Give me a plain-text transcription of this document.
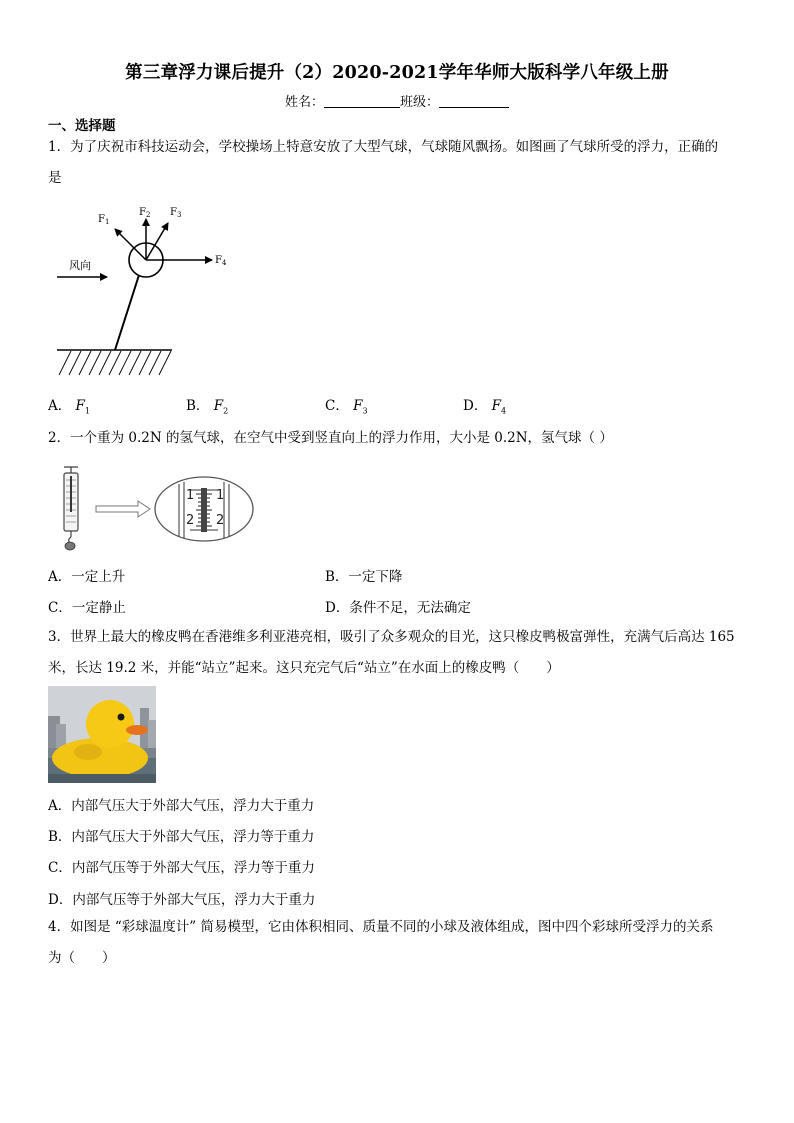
第三章浮力课后提升（2）2020-2021学年华师大版科学八年级上册
姓名：	班级：
一、选择题
1．为了庆祝市科技运动会，学校操场上特意安放了大型气球，气球随风飘扬。如图画了气球所受的浮力，正确的
是
风向
$F_1$
$F_2$ $F_3$
$F_4$
A． $F_1$	B． $F_2$	C． $F_3$	D． $F_4$
2．一个重为 0.2N 的氢气球，在空气中受到竖直向上的浮力作用，大小是 0.2N，氢气球（ ）
1 1
2 2
A．一定上升	B．一定下降
C．一定静止	D．条件不足，无法确定
3．世界上最大的橡皮鸭在香港维多利亚港亮相，吸引了众多观众的目光，这只橡皮鸭极富弹性，充满气后高达 165
米，长达 19.2 米，并能“站立”起来。这只充完气后“站立”在水面上的橡皮鸭（　　）
A．内部气压大于外部大气压，浮力大于重力
B．内部气压大于外部大气压，浮力等于重力
C．内部气压等于外部大气压，浮力等于重力
D．内部气压等于外部大气压，浮力大于重力
4．如图是 “彩球温度计” 简易模型，它由体积相同、质量不同的小球及液体组成，图中四个彩球所受浮力的关系
为（　　）
